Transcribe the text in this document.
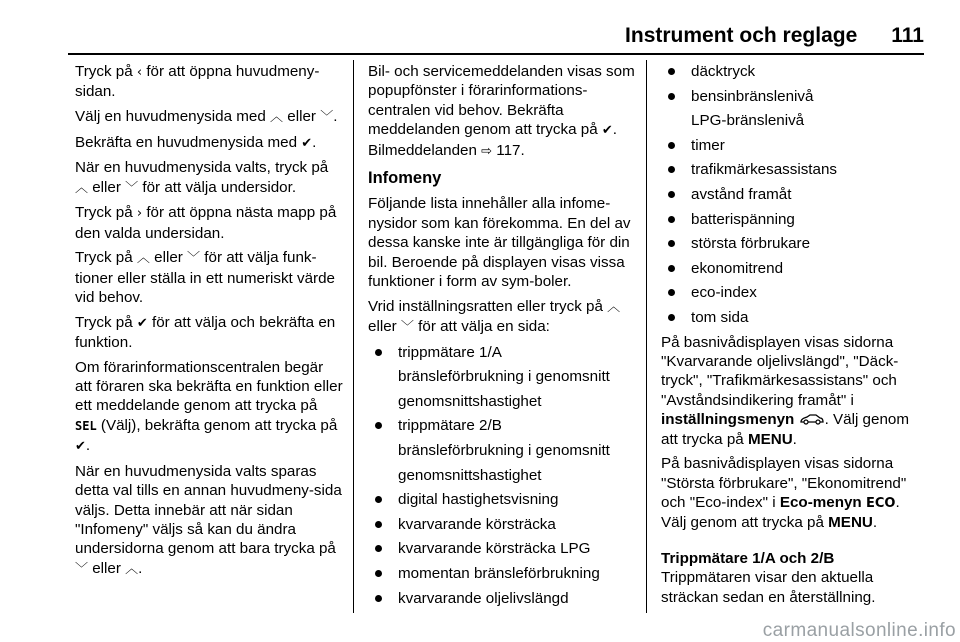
Instrument och reglage 111

Tryck på ‹ för att öppna huvudmeny-sidan.

Välj en huvudmenysida med ︿ eller ﹀.

Bekräfta en huvudmenysida med ✔.

När en huvudmenysida valts, tryck på ︿ eller ﹀ för att välja undersidor.

Tryck på › för att öppna nästa mapp på den valda undersidan.

Tryck på ︿ eller ﹀ för att välja funk-tioner eller ställa in ett numeriskt värde vid behov.

Tryck på ✔ för att välja och bekräfta en funktion.

Om förarinformationscentralen begär att föraren ska bekräfta en funktion eller ett meddelande genom att trycka på SEL (Välj), bekräfta genom att trycka på ✔.

När en huvudmenysida valts sparas detta val tills en annan huvudmeny-sida väljs. Detta innebär att när sidan "Infomeny" väljs så kan du ändra undersidorna genom att bara trycka på ﹀ eller ︿.

Bil- och servicemeddelanden visas som popupfönster i förarinformations-centralen vid behov. Bekräfta meddelanden genom att trycka på ✔. Bilmeddelanden ⇨ 117.

Infomeny

Följande lista innehåller alla infome-nysidor som kan förekomma. En del av dessa kanske inte är tillgängliga för din bil. Beroende på displayen visas vissa funktioner i form av sym-boler.

Vrid inställningsratten eller tryck på ︿ eller ﹀ för att välja en sida:

trippmätare 1/A
bränsleförbrukning i genomsnitt
genomsnittshastighet
trippmätare 2/B
bränsleförbrukning i genomsnitt
genomsnittshastighet
digital hastighetsvisning
kvarvarande körsträcka
kvarvarande körsträcka LPG
momentan bränsleförbrukning
kvarvarande oljelivslängd
däcktryck
bensinbränslenivå
LPG-bränslenivå
timer
trafikmärkesassistans
avstånd framåt
batterispänning
största förbrukare
ekonomitrend
eco-index
tom sida

På basnivådisplayen visas sidorna "Kvarvarande oljelivslängd", "Däck-tryck", "Trafikmärkesassistans" och "Avståndsindikering framåt" i inställningsmenyn . Välj genom att trycka på MENU.

På basnivådisplayen visas sidorna "Största förbrukare", "Ekonomitrend" och "Eco-index" i Eco-menyn ECO. Välj genom att trycka på MENU.

Trippmätare 1/A och 2/B

Trippmätaren visar den aktuella sträckan sedan en återställning.

carmanualsonline.info
